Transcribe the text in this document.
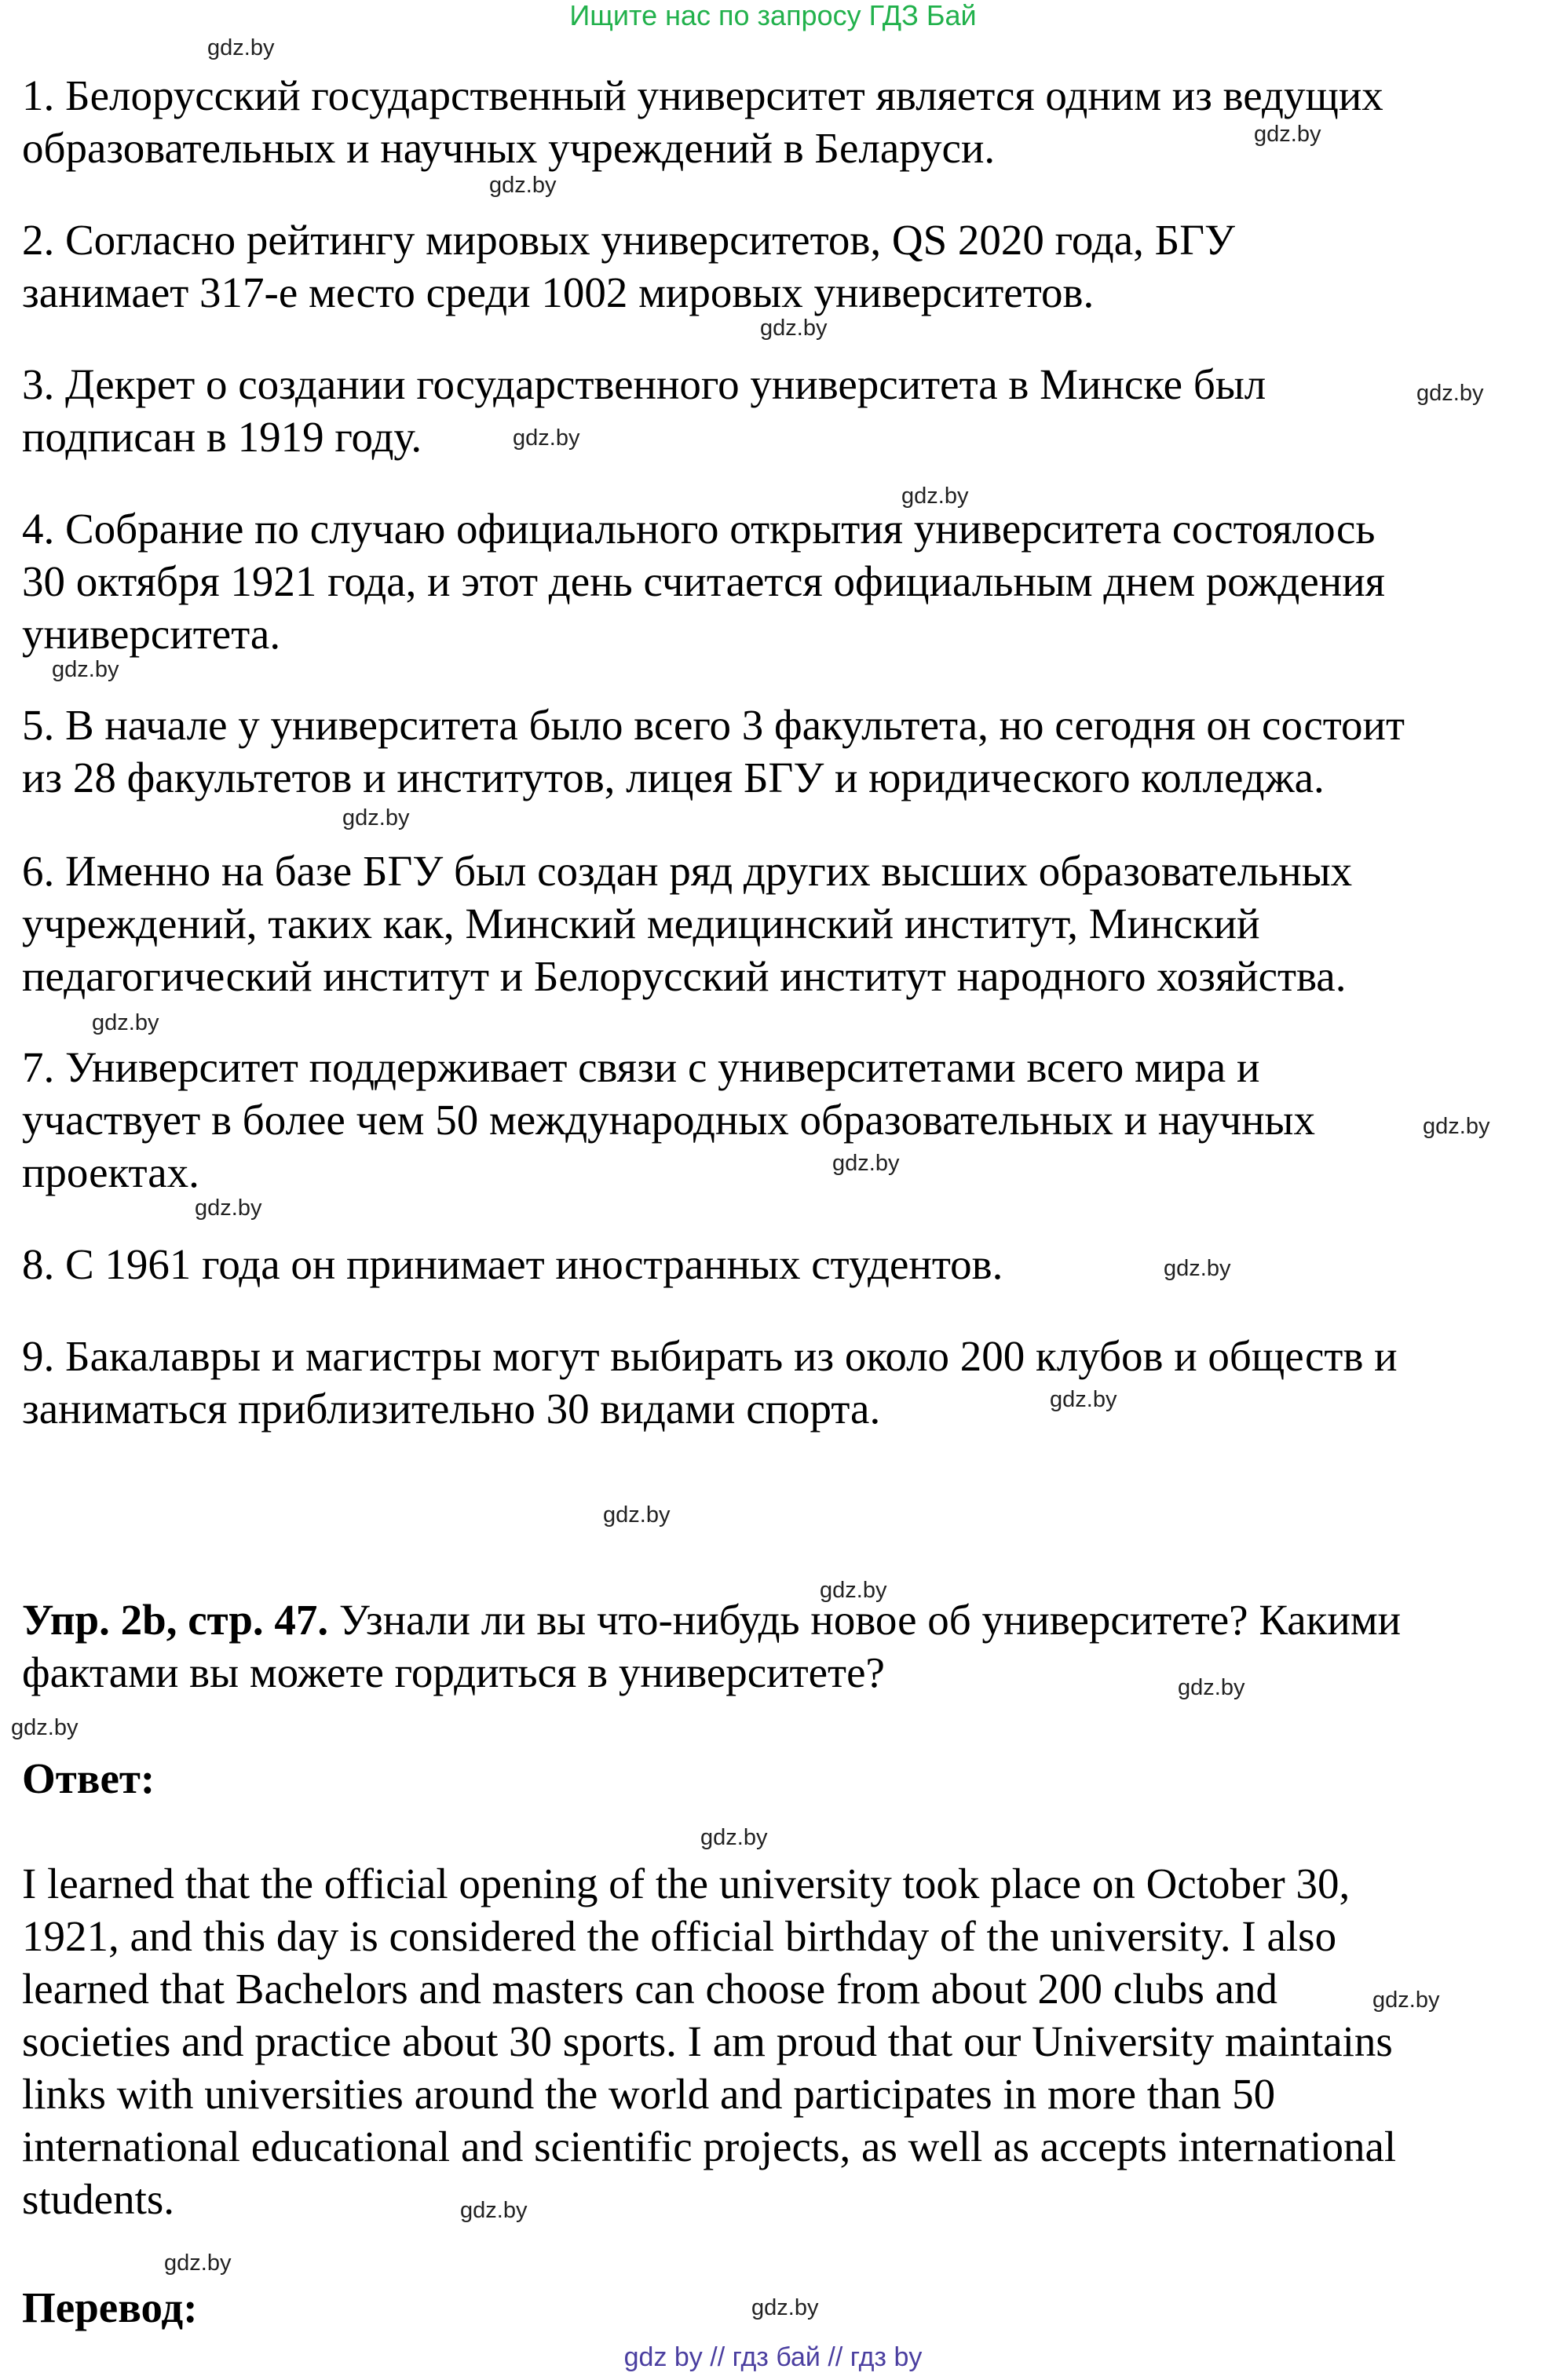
Ищите нас по запросу ГДЗ Бай
1. Белорусский государственный университет является одним из ведущих
образовательных и научных учреждений в Беларуси.
2. Согласно рейтингу мировых университетов, QS 2020 года, БГУ
занимает 317-е место среди 1002 мировых университетов.
3. Декрет о создании государственного университета в Минске был
подписан в 1919 году.
4. Собрание по случаю официального открытия университета состоялось
30 октября 1921 года, и этот день считается официальным днем рождения
университета.
5. В начале у университета было всего 3 факультета, но сегодня он состоит
из 28 факультетов и институтов, лицея БГУ и юридического колледжа.
6. Именно на базе БГУ был создан ряд других высших образовательных
учреждений, таких как, Минский медицинский институт, Минский
педагогический институт и Белорусский институт народного хозяйства.
7. Университет поддерживает связи с университетами всего мира и
участвует в более чем 50 международных образовательных и научных
проектах.
8. С 1961 года он принимает иностранных студентов.
9. Бакалавры и магистры могут выбирать из около 200 клубов и обществ и
заниматься приблизительно 30 видами спорта.
Упр. 2b, стр. 47. Узнали ли вы что-нибудь новое об университете? Какими
фактами вы можете гордиться в университете?
Ответ:
I learned that the official opening of the university took place on October 30,
1921, and this day is considered the official birthday of the university. I also
learned that Bachelors and masters can choose from about 200 clubs and
societies and practice about 30 sports. I am proud that our University maintains
links with universities around the world and participates in more than 50
international educational and scientific projects, as well as accepts international
students.
Перевод:
gdz.by
gdz.by
gdz.by
gdz.by
gdz.by
gdz.by
gdz.by
gdz.by
gdz.by
gdz.by
gdz.by
gdz.by
gdz.by
gdz.by
gdz.by
gdz.by
gdz.by
gdz.by
gdz.by
gdz.by
gdz.by
gdz.by
gdz.by
gdz.by
gdz by // гдз бай // гдз by
